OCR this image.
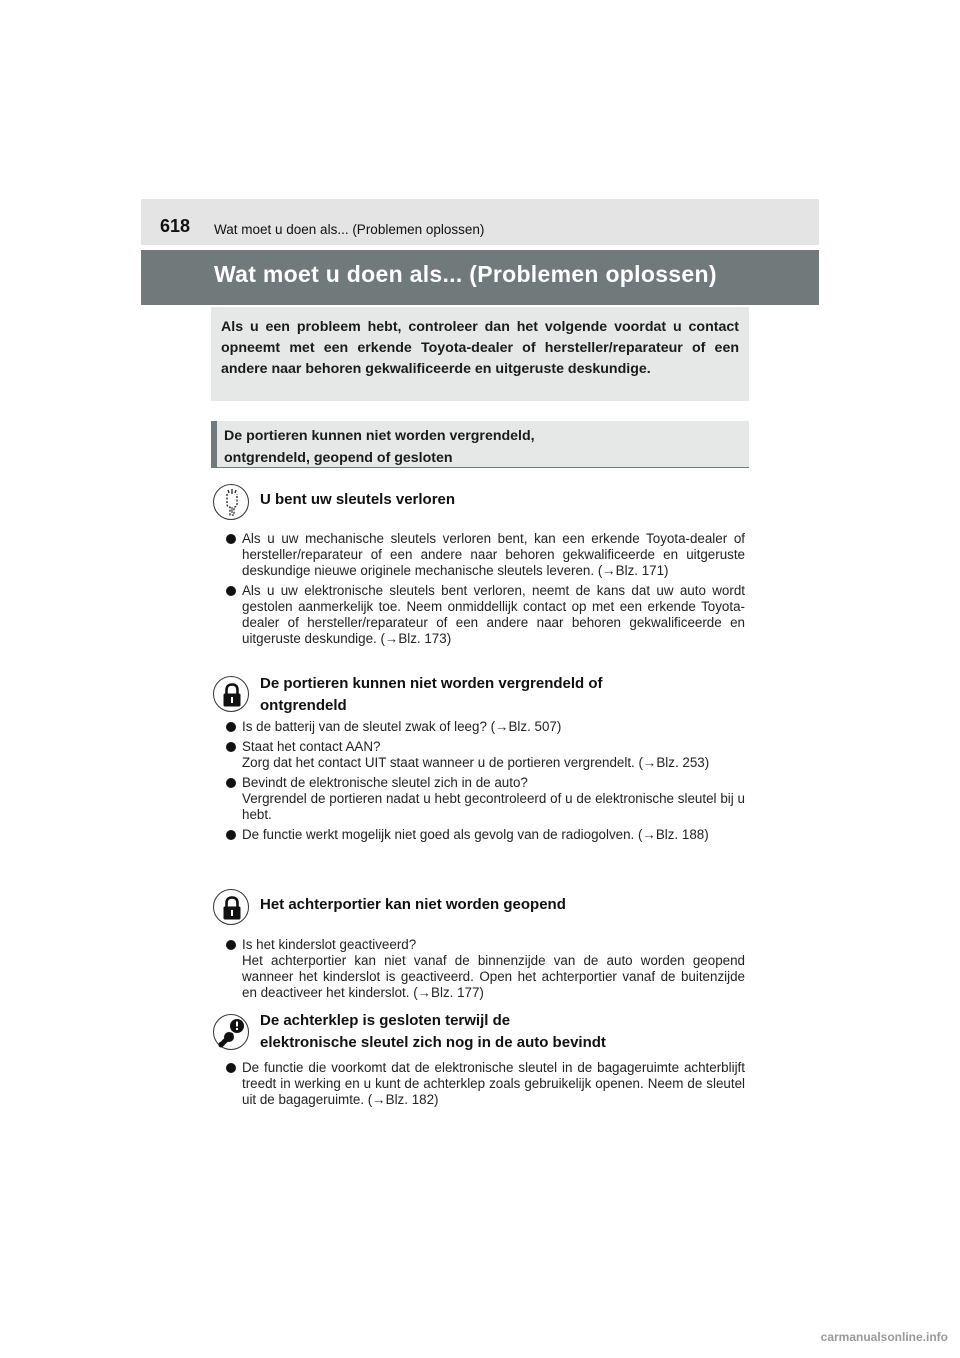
618 Wat moet u doen als... (Problemen oplossen)
Wat moet u doen als... (Problemen oplossen)

Als u een probleem hebt, controleer dan het volgende voordat u contact opneemt met een erkende Toyota-dealer of hersteller/reparateur of een andere naar behoren gekwalificeerde en uitgeruste deskundige.

De portieren kunnen niet worden vergrendeld,
ontgrendeld, geopend of gesloten
U bent uw sleutels verloren
Als u uw mechanische sleutels verloren bent, kan een erkende Toyota-dealer of hersteller/reparateur of een andere naar behoren gekwalificeerde en uitgeruste deskundige nieuwe originele mechanische sleutels leveren. (→Blz. 171)
Als u uw elektronische sleutels bent verloren, neemt de kans dat uw auto wordt gestolen aanmerkelijk toe. Neem onmiddellijk contact op met een erkende Toyota-dealer of hersteller/reparateur of een andere naar behoren gekwalificeerde en uitgeruste deskundige. (→Blz. 173)
De portieren kunnen niet worden vergrendeld of
ontgrendeld
Is de batterij van de sleutel zwak of leeg? (→Blz. 507)
Staat het contact AAN?
Zorg dat het contact UIT staat wanneer u de portieren vergrendelt. (→Blz. 253)
Bevindt de elektronische sleutel zich in de auto?
Vergrendel de portieren nadat u hebt gecontroleerd of u de elektronische sleutel bij u hebt.
De functie werkt mogelijk niet goed als gevolg van de radiogolven. (→Blz. 188)
Het achterportier kan niet worden geopend
Is het kinderslot geactiveerd?
Het achterportier kan niet vanaf de binnenzijde van de auto worden geopend wanneer het kinderslot is geactiveerd. Open het achterportier vanaf de buitenzijde en deactiveer het kinderslot. (→Blz. 177)
De achterklep is gesloten terwijl de
elektronische sleutel zich nog in de auto bevindt
De functie die voorkomt dat de elektronische sleutel in de bagageruimte achterblijft treedt in werking en u kunt de achterklep zoals gebruikelijk openen. Neem de sleutel uit de bagageruimte. (→Blz. 182)
carmanualsonline.info
